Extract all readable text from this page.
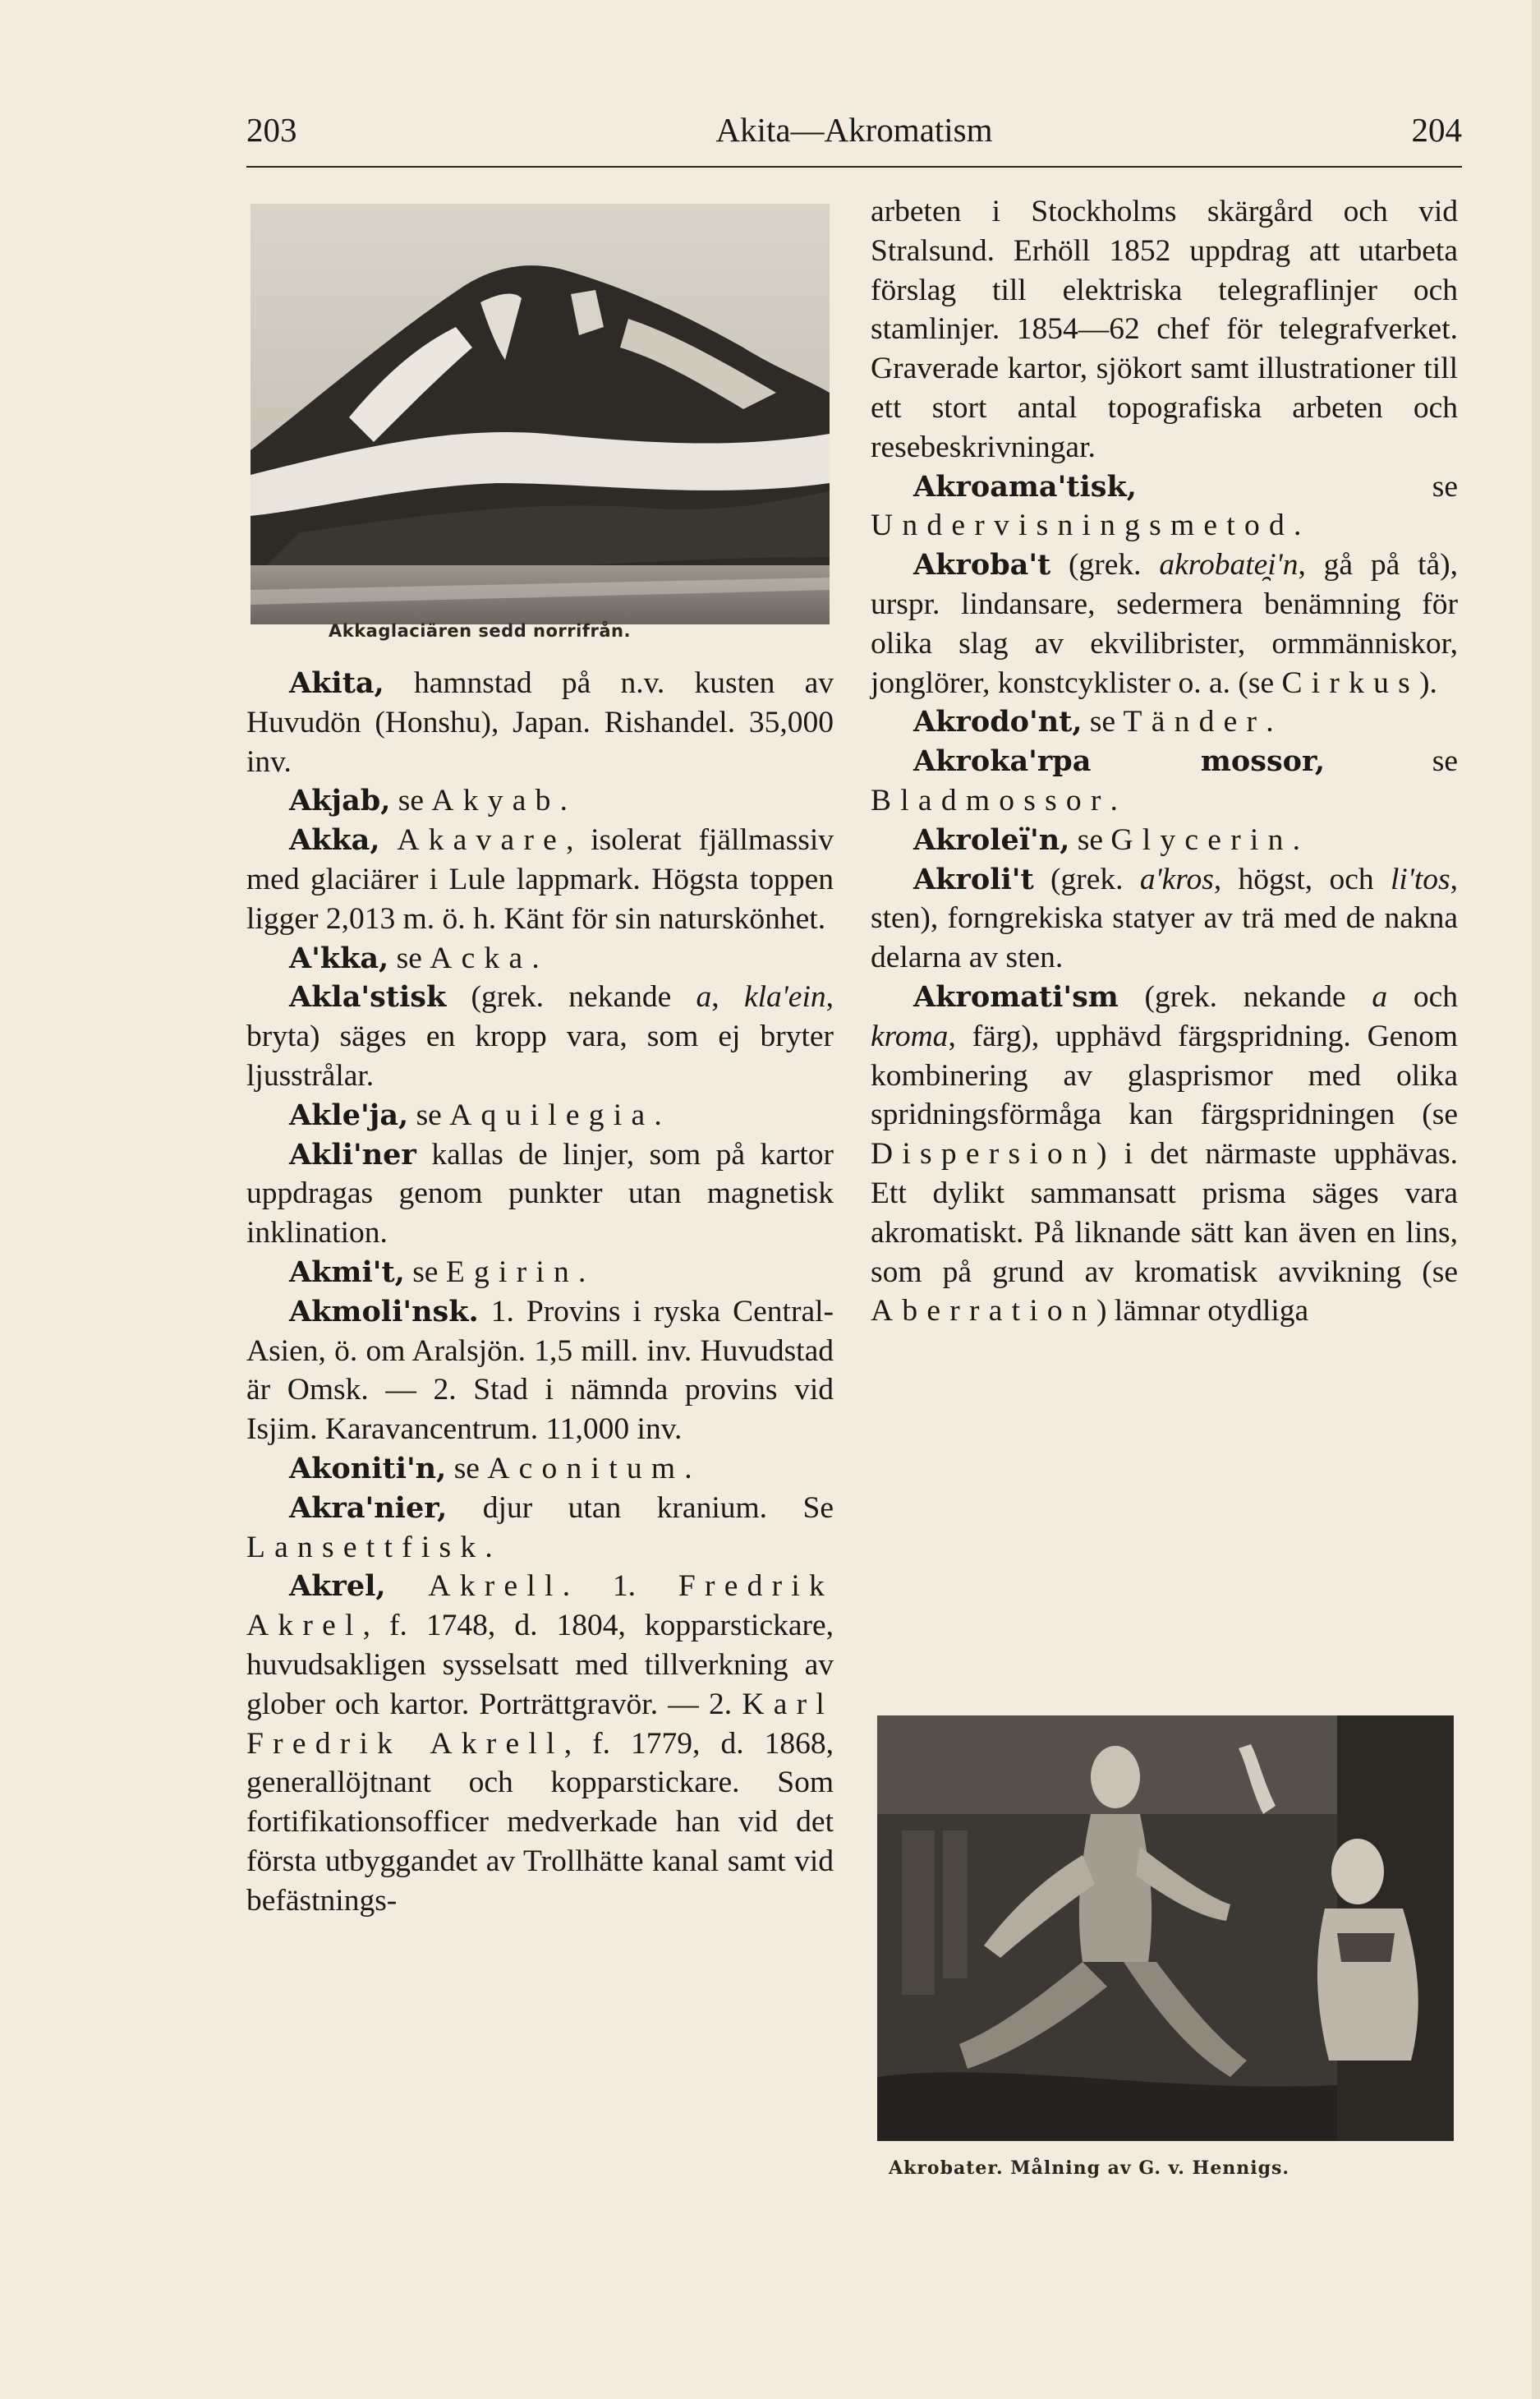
203	Akita—Akromatism	204
Akkaglaciären sedd norrifrån.

Akita, hamnstad på n.v. kusten av Huvudön (Honshu), Japan. Rishandel. 35,000 inv.

Akjab, se Akyab.

Akka, Akavare, isolerat fjällmassiv med glaciärer i Lule lappmark. Högsta toppen ligger 2,013 m. ö. h. Känt för sin naturskönhet.

A'kka, se Acka.

Akla'stisk (grek. nekande a, kla'ein, bryta) säges en kropp vara, som ej bryter ljusstrålar.

Akle'ja, se Aquilegia.

Akli'ner kallas de linjer, som på kartor uppdragas genom punkter utan magnetisk inklination.

Akmi't, se Egirin.

Akmoli'nsk. 1. Provins i ryska Central-Asien, ö. om Aralsjön. 1,5 mill. inv. Huvudstad är Omsk. — 2. Stad i nämnda provins vid Isjim. Karavancentrum. 11,000 inv.

Akoniti'n, se Aconitum.

Akra'nier, djur utan kranium. Se Lansettfisk.

Akrel, Akrell. 1. Fredrik Akrel, f. 1748, d. 1804, kopparstickare, huvudsakligen sysselsatt med tillverkning av glober och kartor. Porträttgravör. — 2. Karl Fredrik Akrell, f. 1779, d. 1868, generallöjtnant och kopparstickare. Som fortifikationsofficer medverkade han vid det första utbyggandet av Trollhätte kanal samt vid befästnings-

arbeten i Stockholms skärgård och vid Stralsund. Erhöll 1852 uppdrag att utarbeta förslag till elektriska telegraflinjer och stamlinjer. 1854—62 chef för telegrafverket. Graverade kartor, sjökort samt illustrationer till ett stort antal topografiska arbeten och resebeskrivningar.

Akroama'tisk, se Undervisningsmetod.

Akroba't (grek. akrobate̯i'n, gå på tå), urspr. lindansare, sedermera benämning för olika slag av ekvilibrister, ormmänniskor, jonglörer, konstcyklister o. a. (se Cirkus).

Akrodo'nt, se Tänder.

Akroka'rpa mossor, se Bladmossor.

Akroleï'n, se Glycerin.

Akroli't (grek. a'kros, högst, och li'tos, sten), forngrekiska statyer av trä med de nakna delarna av sten.

Akromati'sm (grek. nekande a och kroma, färg), upphävd färgspridning. Genom kombinering av glasprismor med olika spridningsförmåga kan färgspridningen (se Dispersion) i det närmaste upphävas. Ett dylikt sammansatt prisma säges vara akromatiskt. På liknande sätt kan även en lins, som på grund av kromatisk avvikning (se Aberration) lämnar otydliga

Akrobater. Målning av G. v. Hennigs.
